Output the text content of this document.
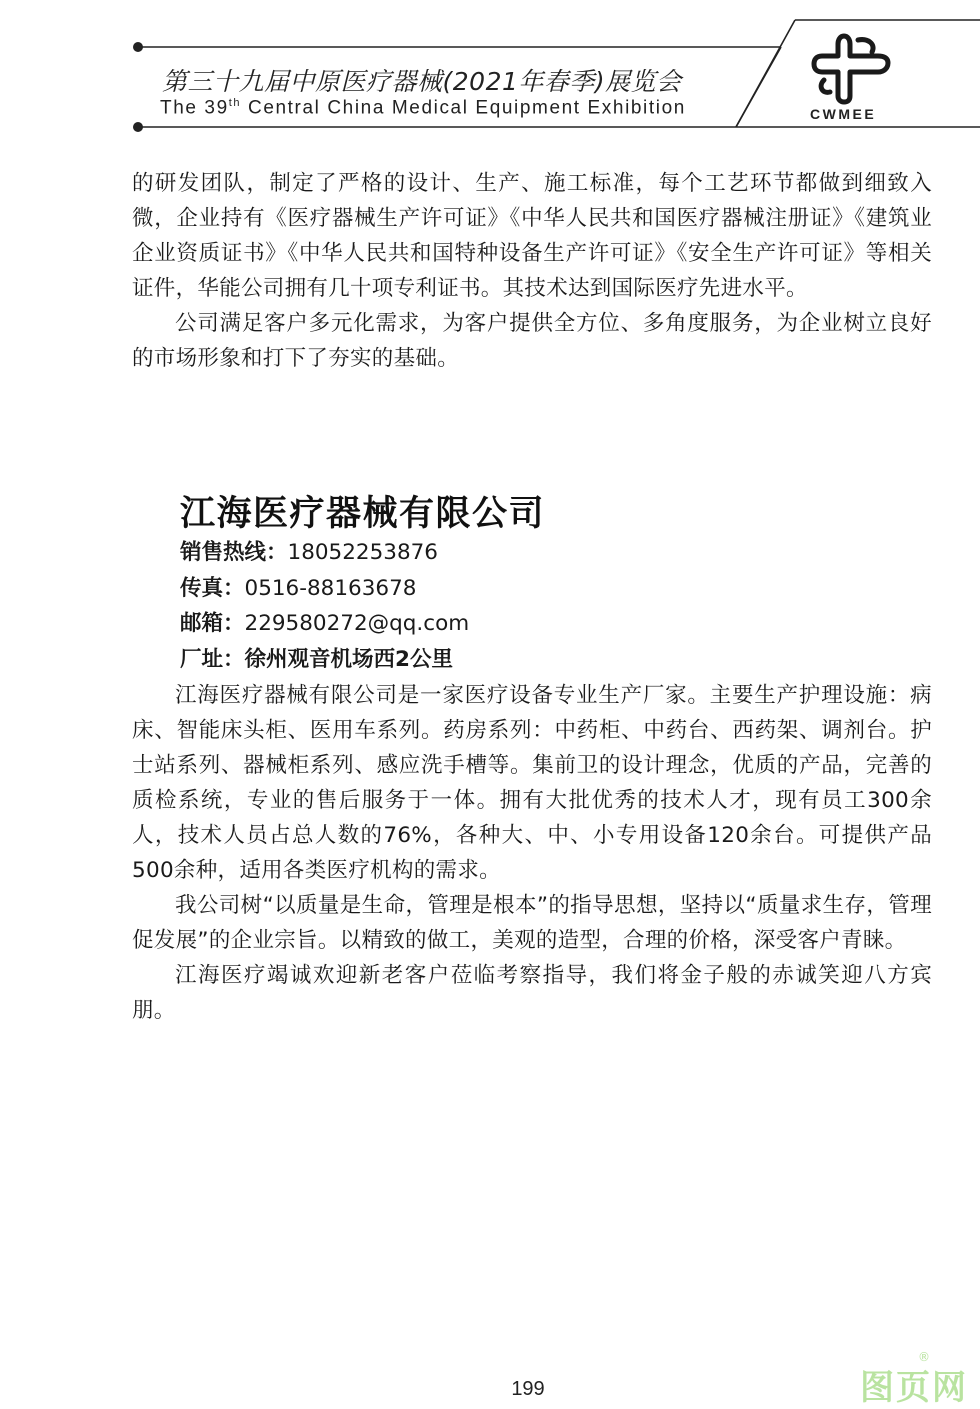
第三十九届中原医疗器械(2021年春季)展览会
The 39th Central China Medical Equipment Exhibition	CWMEE

的研发团队，制定了严格的设计、生产、施工标准，每个工艺环节都做到细致入微，企业持有《医疗器械生产许可证》《中华人民共和国医疗器械注册证》《建筑业企业资质证书》《中华人民共和国特种设备生产许可证》《安全生产许可证》等相关证件，华能公司拥有几十项专利证书。其技术达到国际医疗先进水平。

公司满足客户多元化需求，为客户提供全方位、多角度服务，为企业树立良好的市场形象和打下了夯实的基础。

江海医疗器械有限公司
销售热线：18052253876
传真：0516-88163678
邮箱：229580272@qq.com
厂址：徐州观音机场西2公里

江海医疗器械有限公司是一家医疗设备专业生产厂家。主要生产护理设施：病床、智能床头柜、医用车系列。药房系列：中药柜、中药台、西药架、调剂台。护士站系列、器械柜系列、感应洗手槽等。集前卫的设计理念，优质的产品，完善的质检系统，专业的售后服务于一体。拥有大批优秀的技术人才，现有员工300余人，技术人员占总人数的76%，各种大、中、小专用设备120余台。可提供产品500余种，适用各类医疗机构的需求。

我公司树“以质量是生命，管理是根本”的指导思想，坚持以“质量求生存，管理促发展”的企业宗旨。以精致的做工，美观的造型，合理的价格，深受客户青睐。

江海医疗竭诚欢迎新老客户莅临考察指导，我们将金子般的赤诚笑迎八方宾朋。

199	图页网
®
